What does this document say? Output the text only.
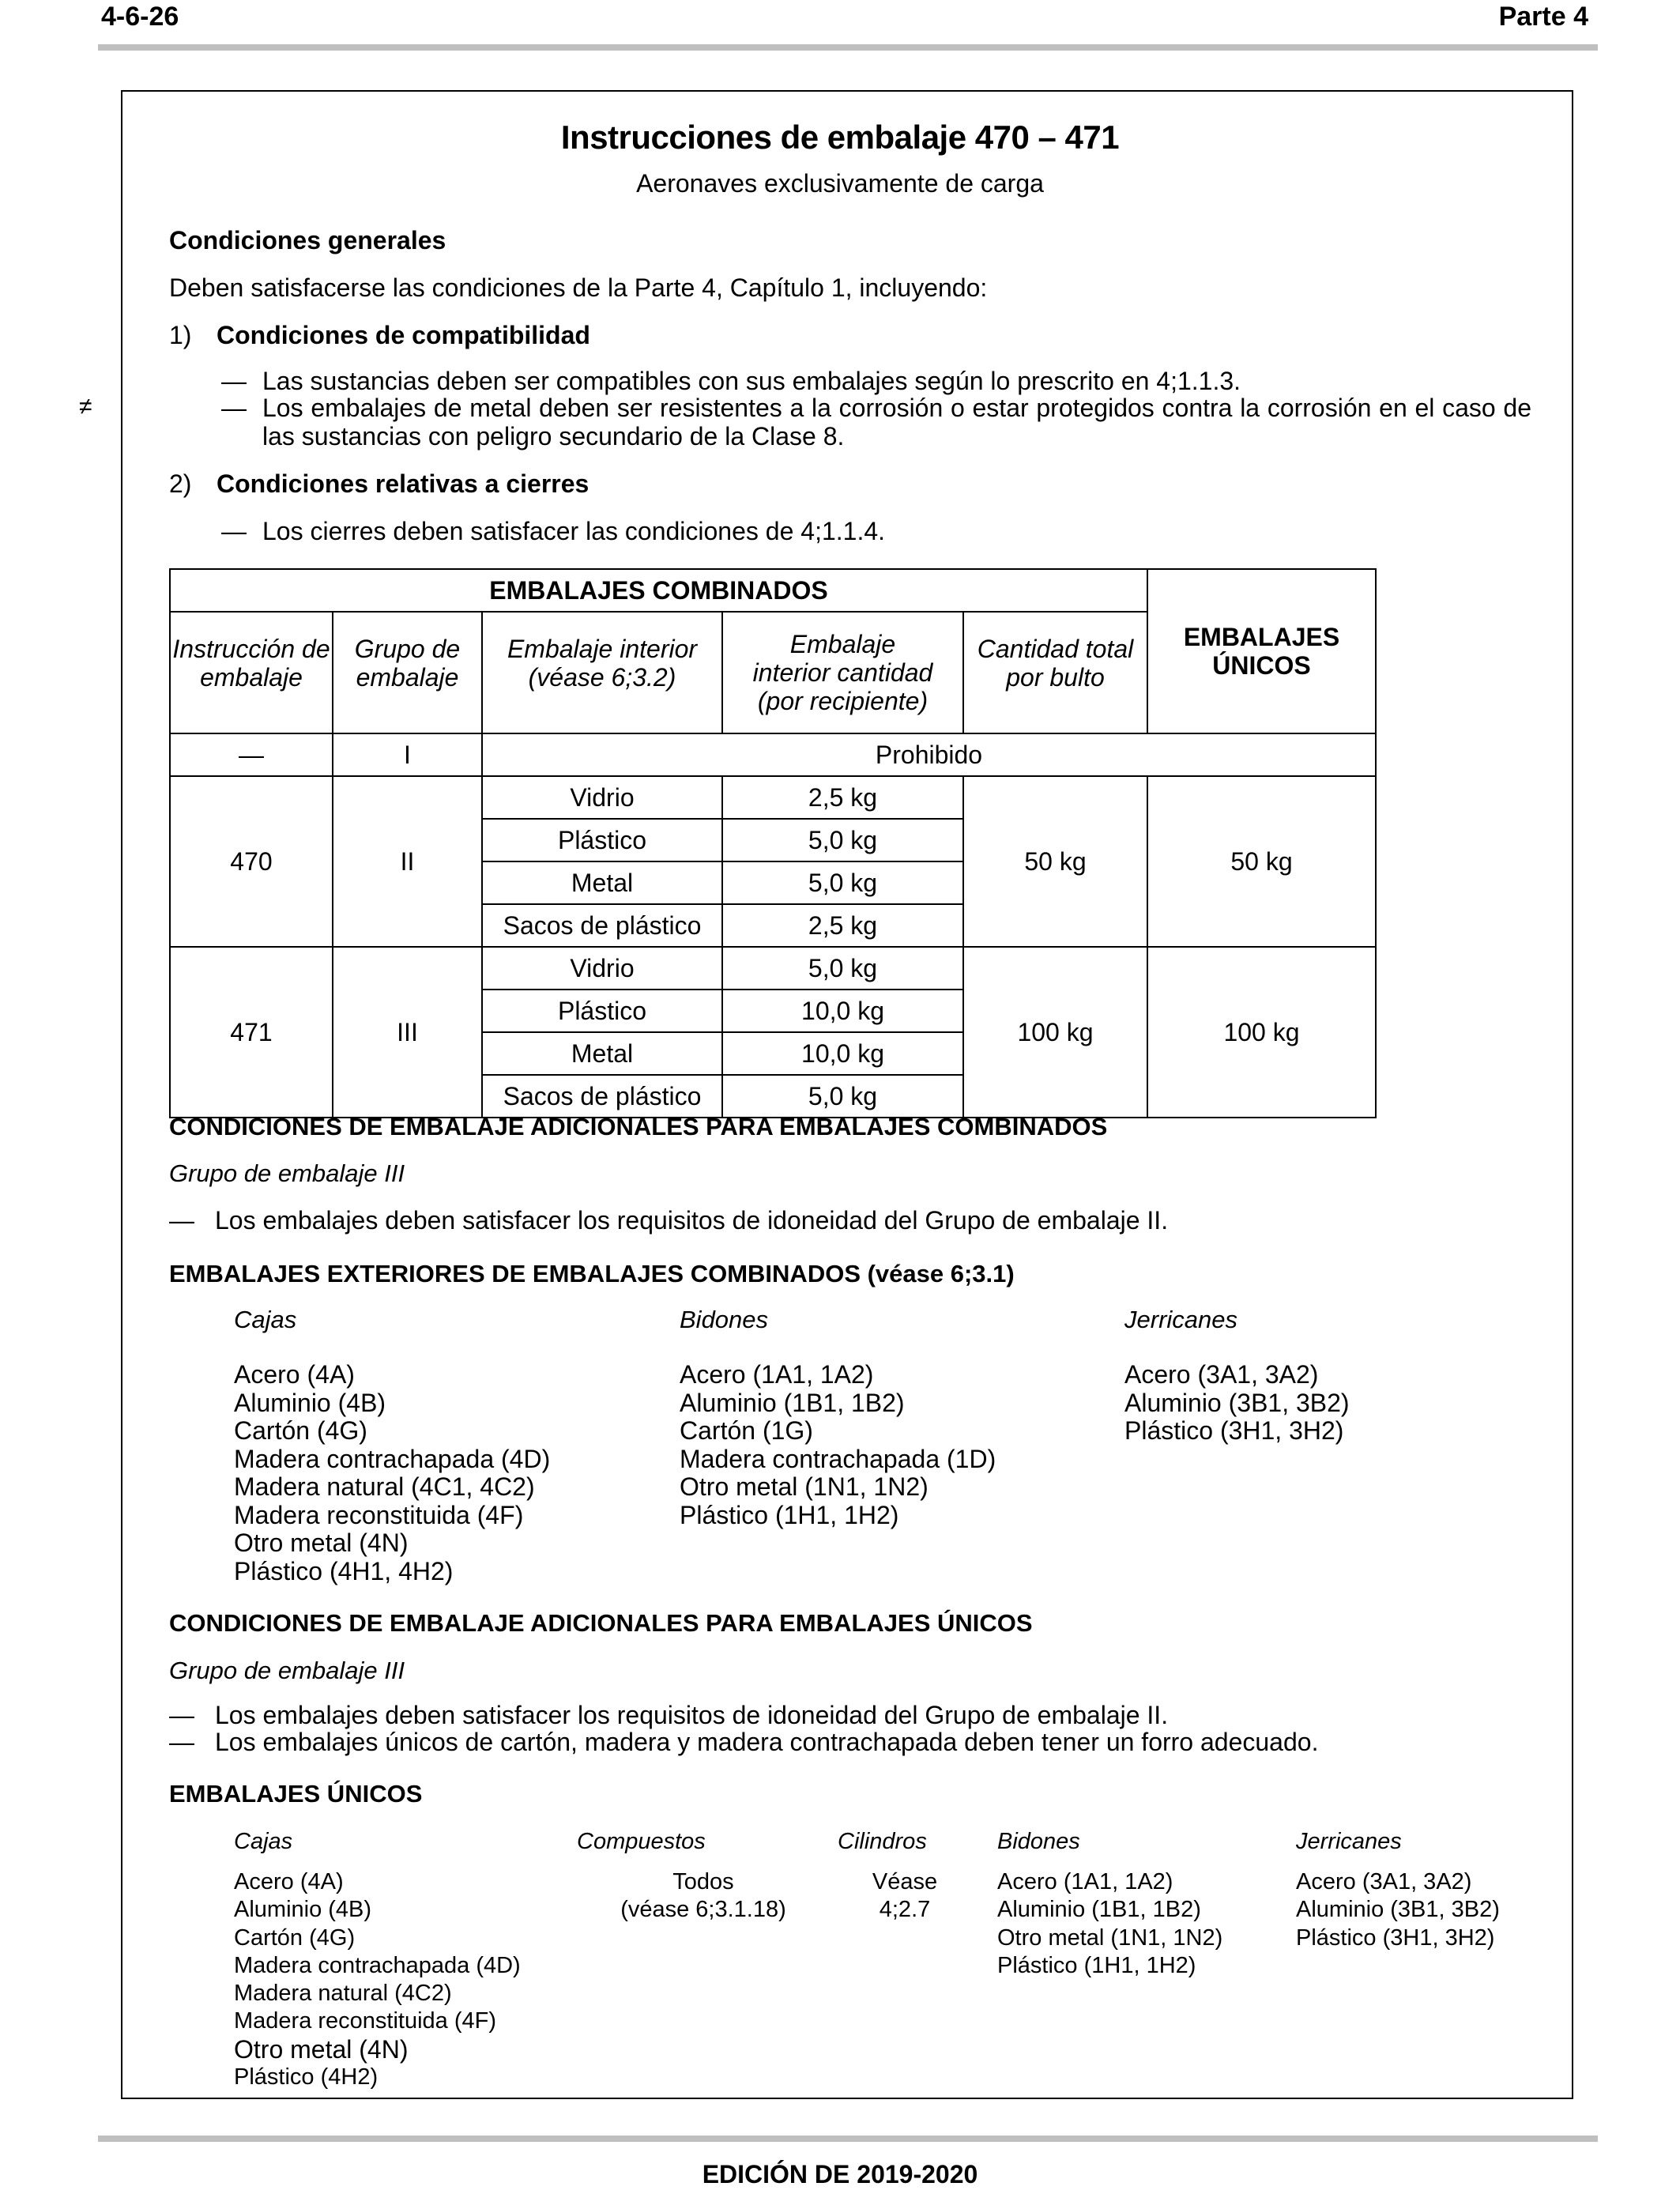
4-6-26	Parte 4
≠
Instrucciones de embalaje 470 – 471
Aeronaves exclusivamente de carga
Condiciones generales
Deben satisfacerse las condiciones de la Parte 4, Capítulo 1, incluyendo:
1) Condiciones de compatibilidad
— Las sustancias deben ser compatibles con sus embalajes según lo prescrito en 4;1.1.3.
— Los embalajes de metal deben ser resistentes a la corrosión o estar protegidos contra la corrosión en el caso de las sustancias con peligro secundario de la Clase 8.
2) Condiciones relativas a cierres
— Los cierres deben satisfacer las condiciones de 4;1.1.4.
EMBALAJES COMBINADOS					EMBALAJES ÚNICOS
Instrucción de embalaje	Grupo de embalaje	Embalaje interior (véase 6;3.2)	Embalaje interior cantidad (por recipiente)	Cantidad total por bulto	
—	I	Prohibido			
470	II	Vidrio	2,5 kg	50 kg	50 kg
		Plástico	5,0 kg		
		Metal	5,0 kg		
		Sacos de plástico	2,5 kg		
471	III	Vidrio	5,0 kg	100 kg	100 kg
		Plástico	10,0 kg		
		Metal	10,0 kg		
		Sacos de plástico	5,0 kg		
CONDICIONES DE EMBALAJE ADICIONALES PARA EMBALAJES COMBINADOS
Grupo de embalaje III
— Los embalajes deben satisfacer los requisitos de idoneidad del Grupo de embalaje II.
EMBALAJES EXTERIORES DE EMBALAJES COMBINADOS (véase 6;3.1)
Cajas
Acero (4A)
Aluminio (4B)
Cartón (4G)
Madera contrachapada (4D)
Madera natural (4C1, 4C2)
Madera reconstituida (4F)
Otro metal (4N)
Plástico (4H1, 4H2)
Bidones
Acero (1A1, 1A2)
Aluminio (1B1, 1B2)
Cartón (1G)
Madera contrachapada (1D)
Otro metal (1N1, 1N2)
Plástico (1H1, 1H2)
Jerricanes
Acero (3A1, 3A2)
Aluminio (3B1, 3B2)
Plástico (3H1, 3H2)
CONDICIONES DE EMBALAJE ADICIONALES PARA EMBALAJES ÚNICOS
Grupo de embalaje III
— Los embalajes deben satisfacer los requisitos de idoneidad del Grupo de embalaje II.
— Los embalajes únicos de cartón, madera y madera contrachapada deben tener un forro adecuado.
EMBALAJES ÚNICOS
Cajas
Acero (4A)
Aluminio (4B)
Cartón (4G)
Madera contrachapada (4D)
Madera natural (4C2)
Madera reconstituida (4F)
Otro metal (4N)
Plástico (4H2)
Compuestos
Todos
(véase 6;3.1.18)
Cilindros
Véase
4;2.7
Bidones
Acero (1A1, 1A2)
Aluminio (1B1, 1B2)
Otro metal (1N1, 1N2)
Plástico (1H1, 1H2)
Jerricanes
Acero (3A1, 3A2)
Aluminio (3B1, 3B2)
Plástico (3H1, 3H2)
EDICIÓN DE 2019-2020
